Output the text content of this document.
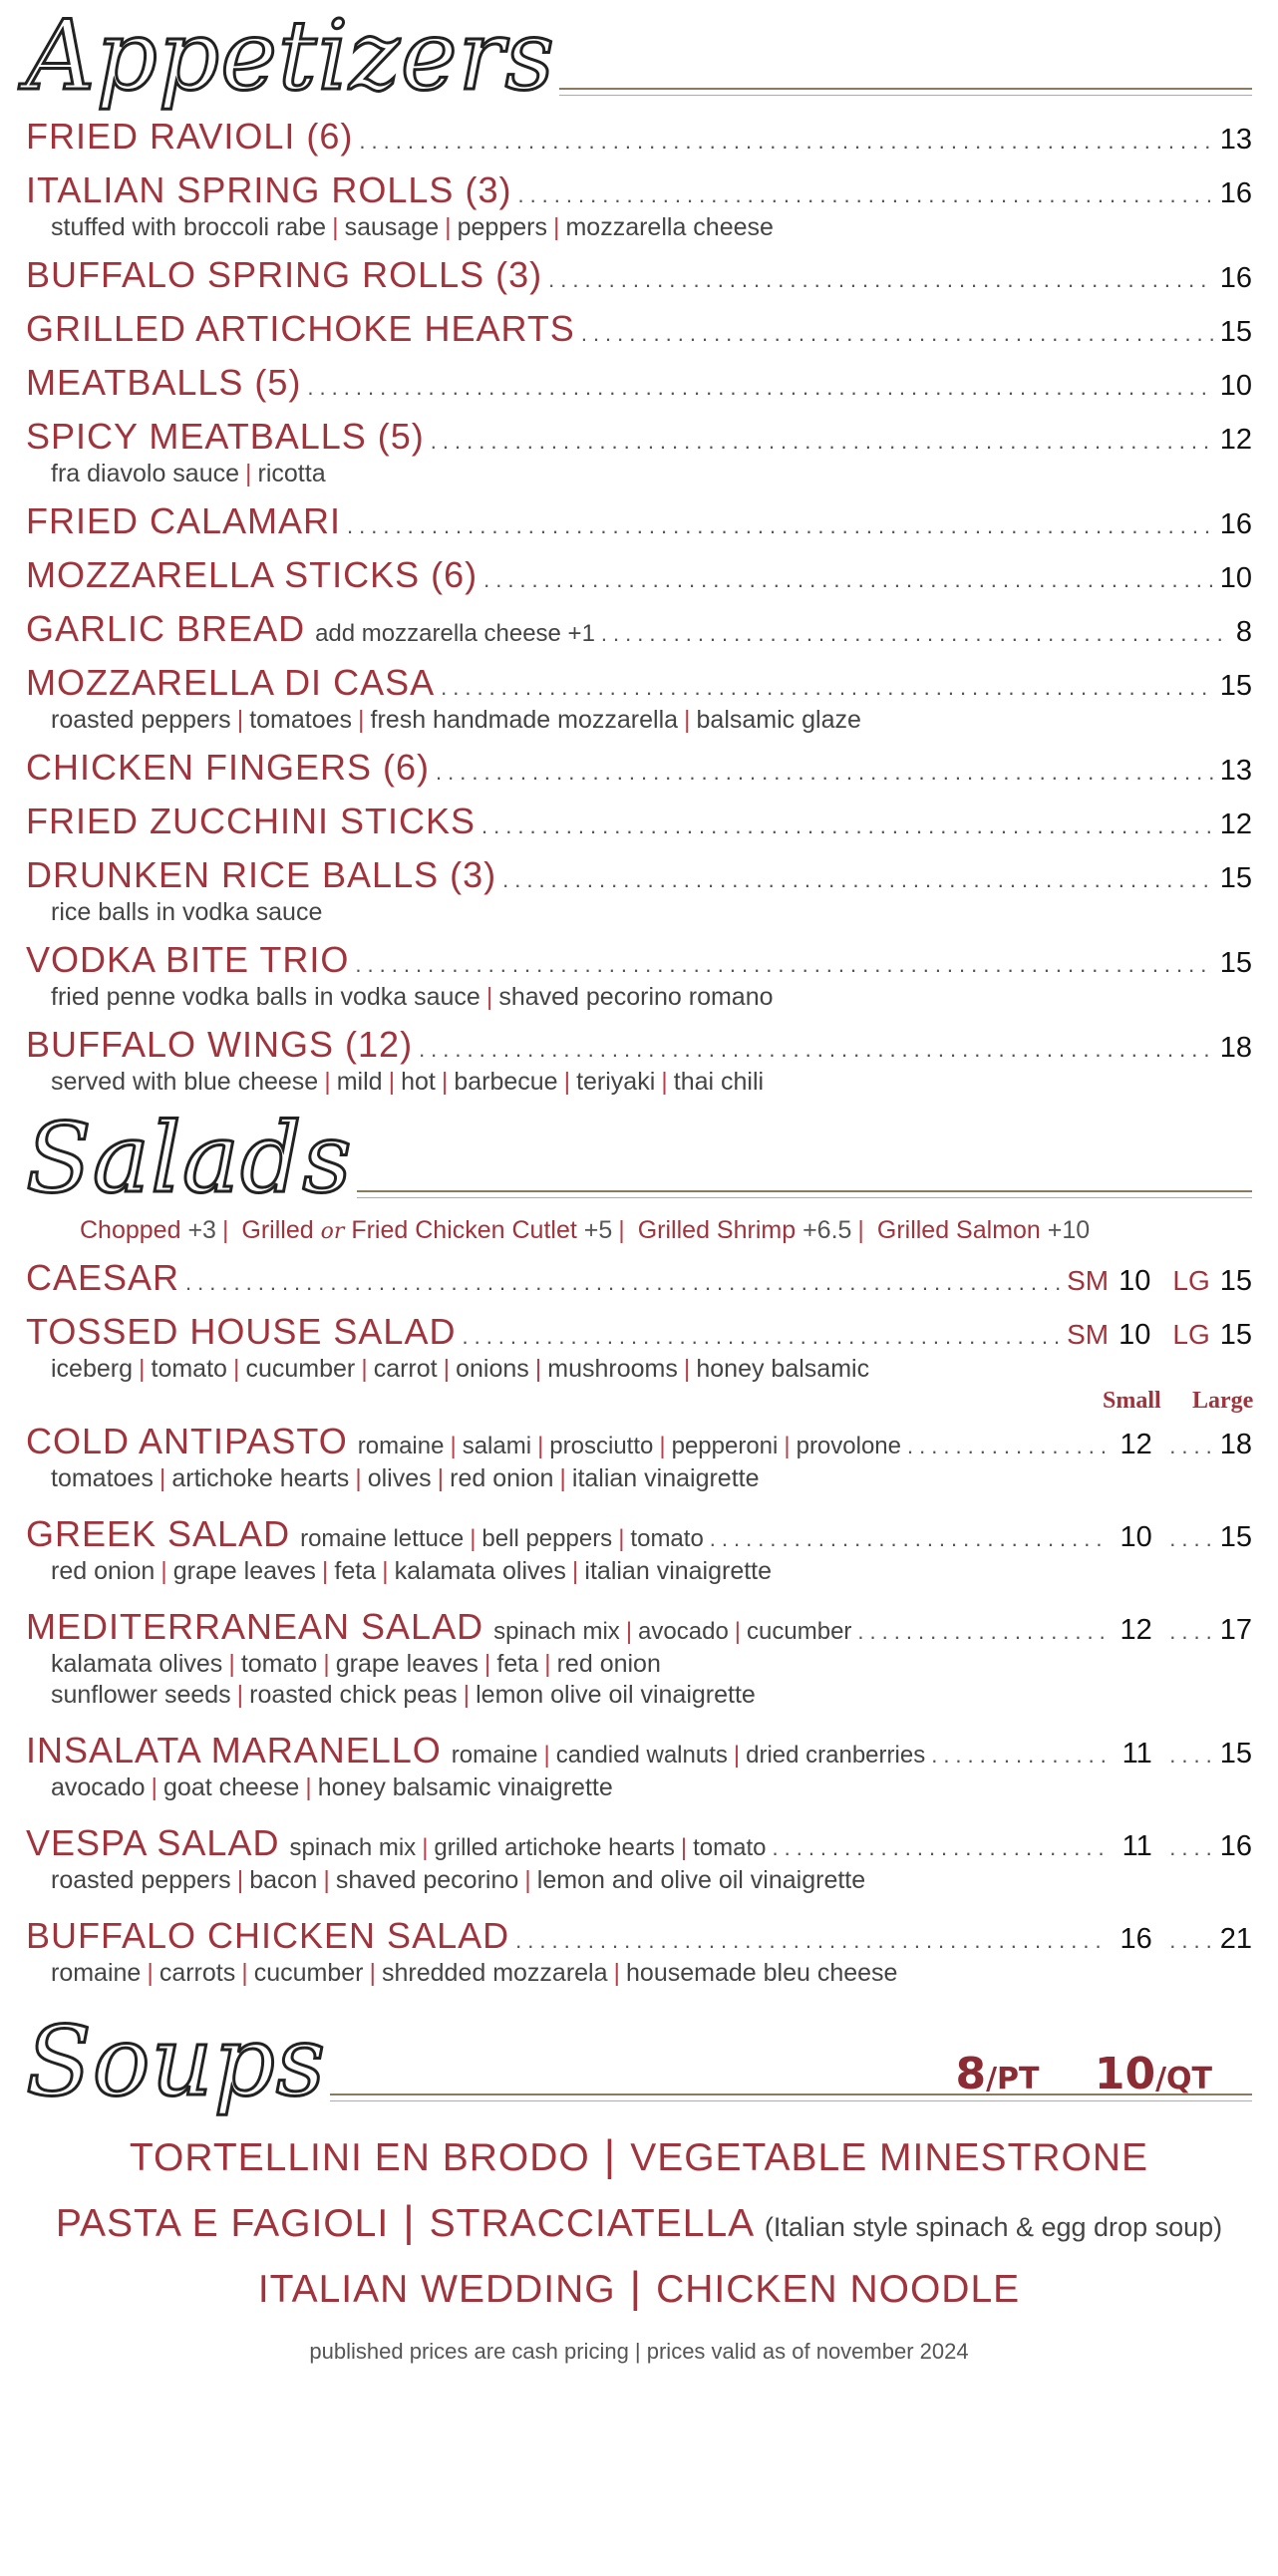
Appetizers
FRIED RAVIOLI (6) .....	13
ITALIAN SPRING ROLLS (3) .....	16
stuffed with broccoli rabe | sausage | peppers | mozzarella cheese
BUFFALO SPRING ROLLS (3) .....	16
GRILLED ARTICHOKE HEARTS .....	15
MEATBALLS (5) .....	10
SPICY MEATBALLS (5) .....	12
fra diavolo sauce | ricotta
FRIED CALAMARI .....	16
MOZZARELLA STICKS (6) .....	10
GARLIC BREAD add mozzarella cheese +1 .....	8
MOZZARELLA DI CASA .....	15
roasted peppers | tomatoes | fresh handmade mozzarella | balsamic glaze
CHICKEN FINGERS (6) .....	13
FRIED ZUCCHINI STICKS .....	12
DRUNKEN RICE BALLS (3) .....	15
rice balls in vodka sauce
VODKA BITE TRIO .....	15
fried penne vodka balls in vodka sauce | shaved pecorino romano
BUFFALO WINGS (12) .....	18
served with blue cheese | mild | hot | barbecue | teriyaki | thai chili
Salads
Chopped +3 | Grilled or Fried Chicken Cutlet +5 | Grilled Shrimp +6.5 | Grilled Salmon +10
CAESAR .....	SM 10 LG 15
TOSSED HOUSE SALAD .....	SM 10 LG 15
iceberg | tomato | cucumber | carrot | onions | mushrooms | honey balsamic
Small	Large
COLD ANTIPASTO romaine | salami | prosciutto | pepperoni | provolone .....	12 .... 18
tomatoes | artichoke hearts | olives | red onion | italian vinaigrette
GREEK SALAD romaine lettuce | bell peppers | tomato .....	10 .... 15
red onion | grape leaves | feta | kalamata olives | italian vinaigrette
MEDITERRANEAN SALAD spinach mix | avocado | cucumber .....	12 .... 17
kalamata olives | tomato | grape leaves | feta | red onion
sunflower seeds | roasted chick peas | lemon olive oil vinaigrette
INSALATA MARANELLO romaine | candied walnuts | dried cranberries .....	11 .... 15
avocado | goat cheese | honey balsamic vinaigrette
VESPA SALAD spinach mix | grilled artichoke hearts | tomato .....	11 .... 16
roasted peppers | bacon | shaved pecorino | lemon and olive oil vinaigrette
BUFFALO CHICKEN SALAD .....	16 .... 21
romaine | carrots | cucumber | shredded mozzarela | housemade bleu cheese
Soups	8/PT 10/QT
TORTELLINI EN BRODO | VEGETABLE MINESTRONE
PASTA E FAGIOLI | STRACCIATELLA (Italian style spinach & egg drop soup)
ITALIAN WEDDING | CHICKEN NOODLE
published prices are cash pricing | prices valid as of november 2024
